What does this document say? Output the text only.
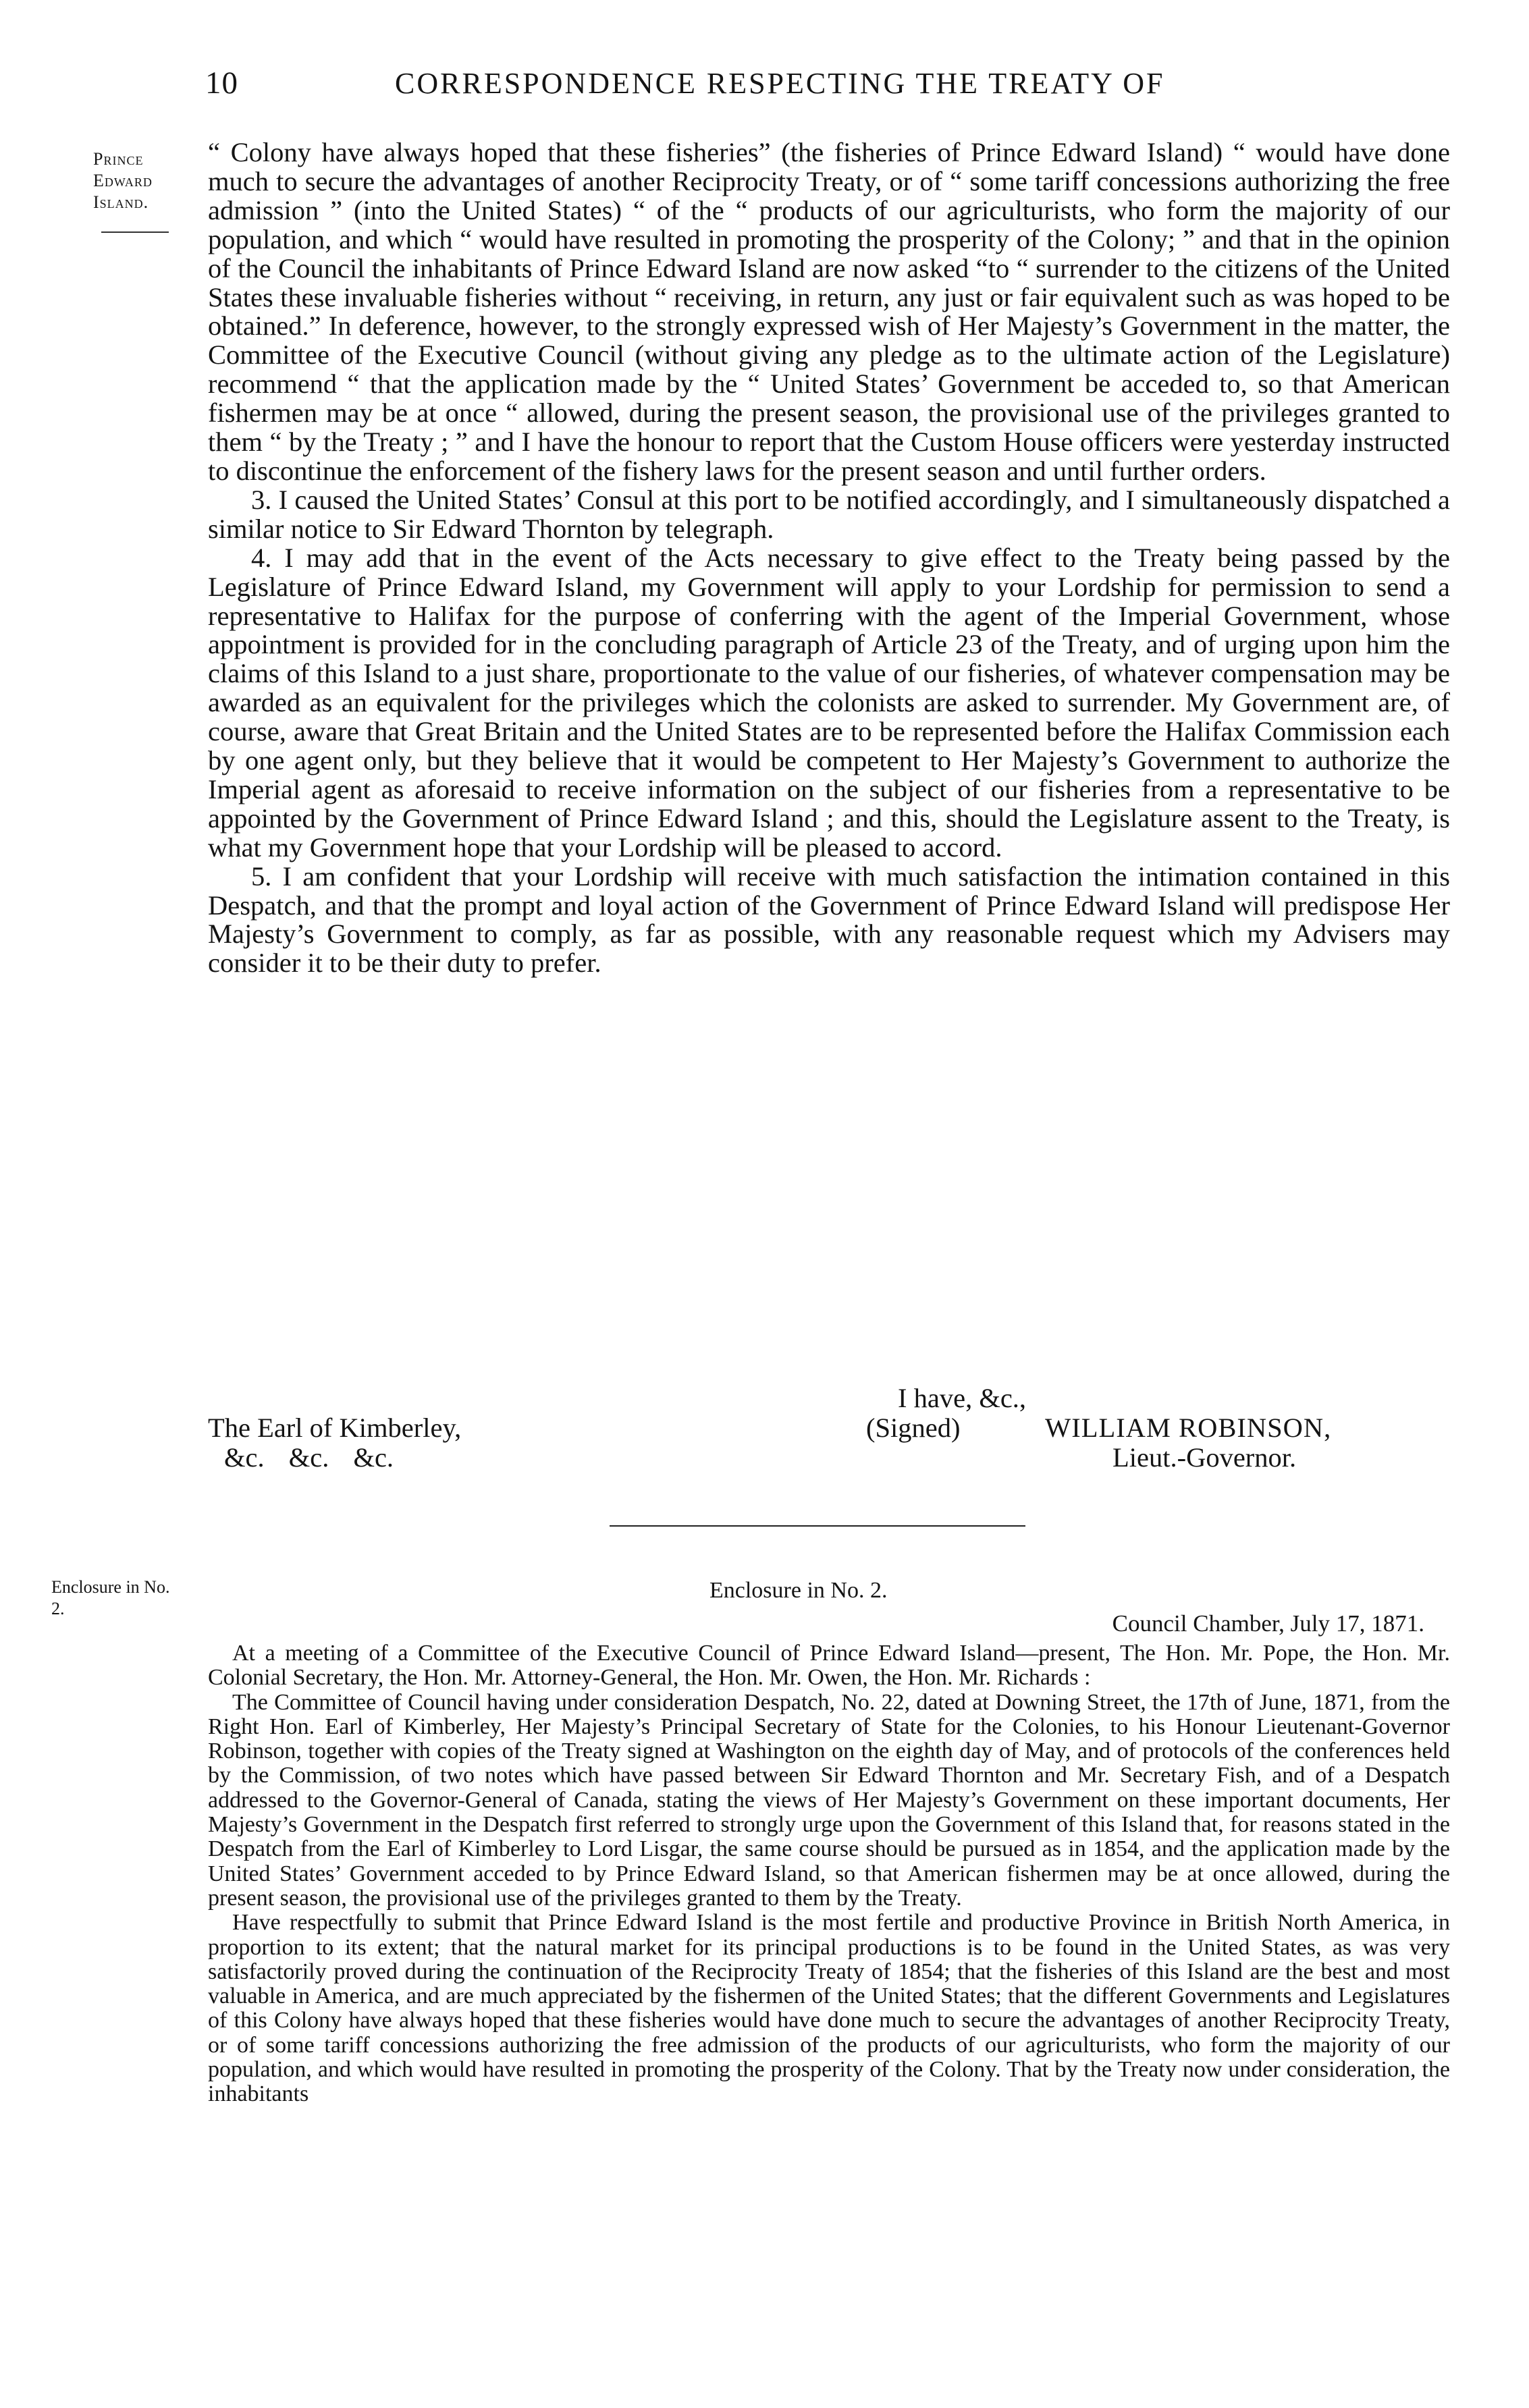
10	CORRESPONDENCE RESPECTING THE TREATY OF
Prince Edward Island.

“ Colony have always hoped that these fisheries” (the fisheries of Prince Edward Island) “ would have done much to secure the advantages of another Reciprocity Treaty, or of “ some tariff concessions authorizing the free admission ” (into the United States) “ of the “ products of our agriculturists, who form the majority of our population, and which “ would have resulted in promoting the prosperity of the Colony; ” and that in the opinion of the Council the inhabitants of Prince Edward Island are now asked “to “ surrender to the citizens of the United States these invaluable fisheries without “ receiving, in return, any just or fair equivalent such as was hoped to be obtained.” In deference, however, to the strongly expressed wish of Her Majesty’s Government in the matter, the Committee of the Executive Council (without giving any pledge as to the ultimate action of the Legislature) recommend “ that the application made by the “ United States’ Government be acceded to, so that American fishermen may be at once “ allowed, during the present season, the provisional use of the privileges granted to them “ by the Treaty ; ” and I have the honour to report that the Custom House officers were yesterday instructed to discontinue the enforcement of the fishery laws for the present season and until further orders.

3. I caused the United States’ Consul at this port to be notified accordingly, and I simultaneously dispatched a similar notice to Sir Edward Thornton by telegraph.

4. I may add that in the event of the Acts necessary to give effect to the Treaty being passed by the Legislature of Prince Edward Island, my Government will apply to your Lordship for permission to send a representative to Halifax for the purpose of conferring with the agent of the Imperial Government, whose appointment is provided for in the concluding paragraph of Article 23 of the Treaty, and of urging upon him the claims of this Island to a just share, proportionate to the value of our fisheries, of whatever compensation may be awarded as an equivalent for the privileges which the colonists are asked to surrender. My Government are, of course, aware that Great Britain and the United States are to be represented before the Halifax Commission each by one agent only, but they believe that it would be competent to Her Majesty’s Government to authorize the Imperial agent as aforesaid to receive information on the subject of our fisheries from a representative to be appointed by the Government of Prince Edward Island ; and this, should the Legislature assent to the Treaty, is what my Government hope that your Lordship will be pleased to accord.

5. I am confident that your Lordship will receive with much satisfaction the intimation contained in this Despatch, and that the prompt and loyal action of the Government of Prince Edward Island will predispose Her Majesty’s Government to comply, as far as possible, with any reasonable request which my Advisers may consider it to be their duty to prefer.

I have, &c.,
The Earl of Kimberley,
&c. &c. &c.
(Signed)	WILLIAM ROBINSON,
Lieut.-Governor.
Enclosure in No. 2.
Enclosure in No. 2.
Council Chamber, July 17, 1871.

At a meeting of a Committee of the Executive Council of Prince Edward Island—present, The Hon. Mr. Pope, the Hon. Mr. Colonial Secretary, the Hon. Mr. Attorney-General, the Hon. Mr. Owen, the Hon. Mr. Richards :

The Committee of Council having under consideration Despatch, No. 22, dated at Downing Street, the 17th of June, 1871, from the Right Hon. Earl of Kimberley, Her Majesty’s Principal Secretary of State for the Colonies, to his Honour Lieutenant-Governor Robinson, together with copies of the Treaty signed at Washington on the eighth day of May, and of protocols of the conferences held by the Commission, of two notes which have passed between Sir Edward Thornton and Mr. Secretary Fish, and of a Despatch addressed to the Governor-General of Canada, stating the views of Her Majesty’s Government on these important documents, Her Majesty’s Government in the Despatch first referred to strongly urge upon the Government of this Island that, for reasons stated in the Despatch from the Earl of Kimberley to Lord Lisgar, the same course should be pursued as in 1854, and the application made by the United States’ Government acceded to by Prince Edward Island, so that American fishermen may be at once allowed, during the present season, the provisional use of the privileges granted to them by the Treaty.

Have respectfully to submit that Prince Edward Island is the most fertile and productive Province in British North America, in proportion to its extent; that the natural market for its principal productions is to be found in the United States, as was very satisfactorily proved during the continuation of the Reciprocity Treaty of 1854; that the fisheries of this Island are the best and most valuable in America, and are much appreciated by the fishermen of the United States; that the different Governments and Legislatures of this Colony have always hoped that these fisheries would have done much to secure the advantages of another Reciprocity Treaty, or of some tariff concessions authorizing the free admission of the products of our agriculturists, who form the majority of our population, and which would have resulted in promoting the prosperity of the Colony. That by the Treaty now under consideration, the inhabitants
